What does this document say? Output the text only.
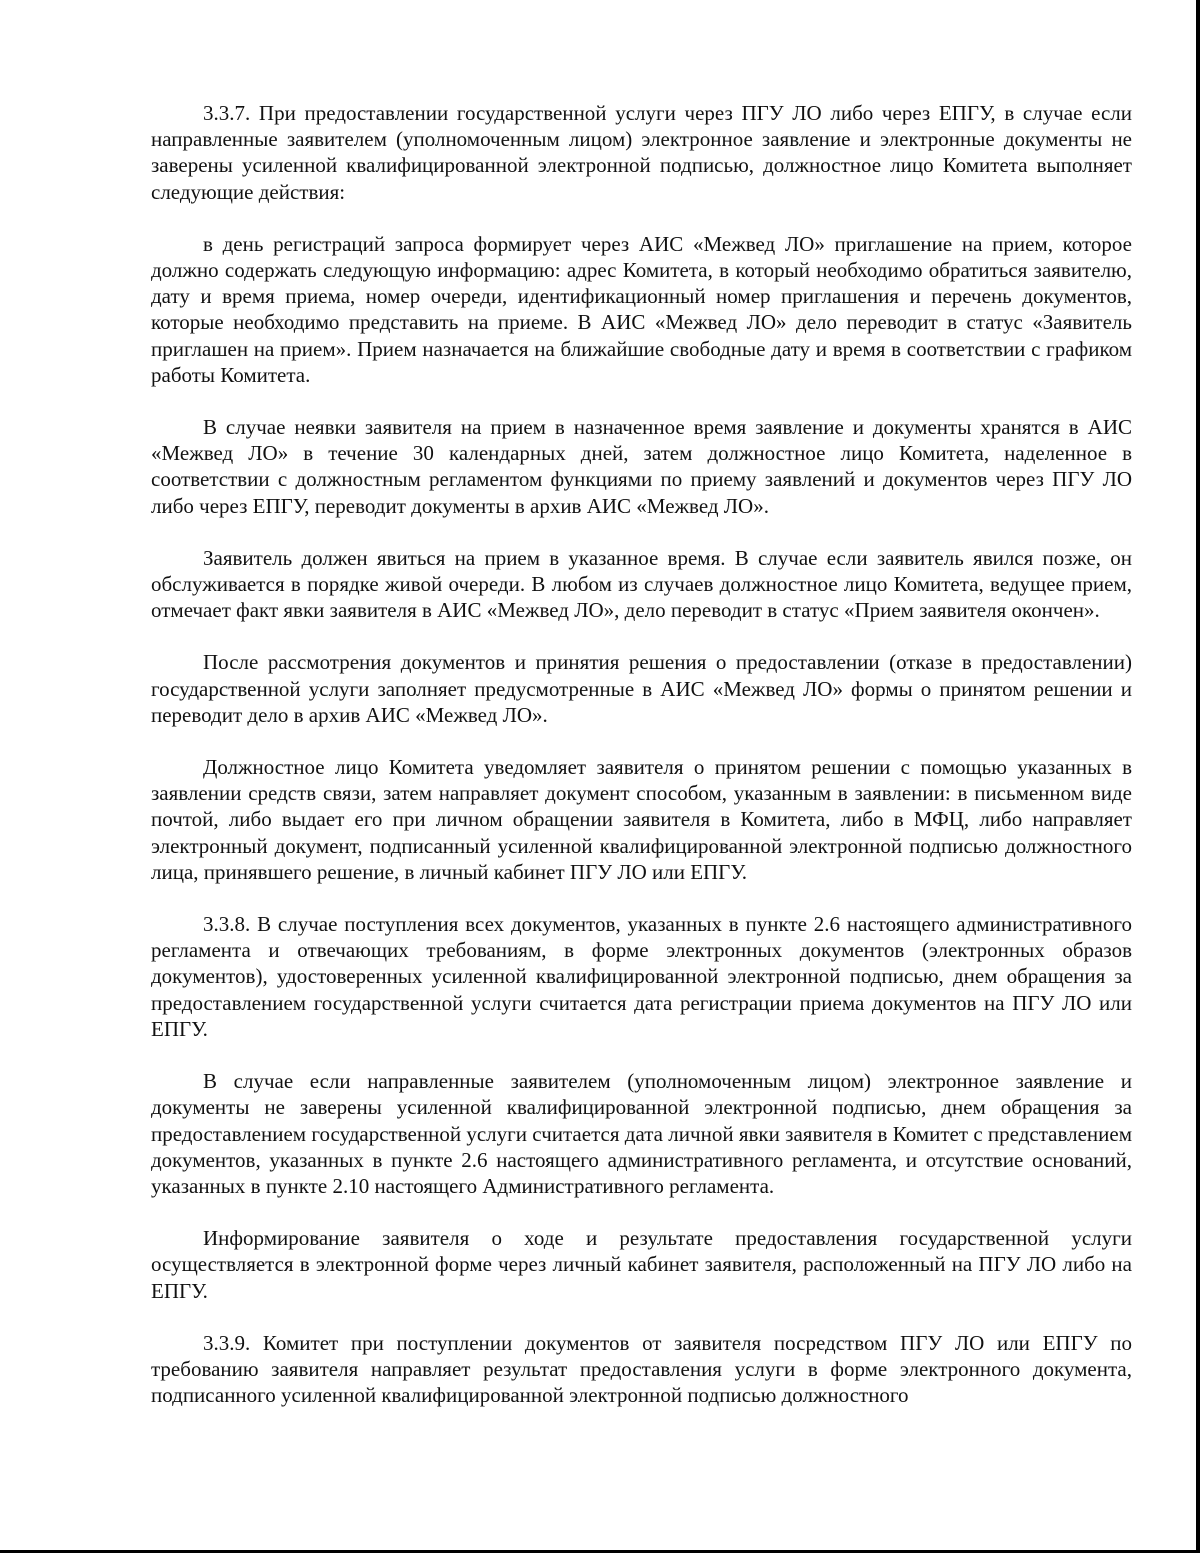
3.3.7. При предоставлении государственной услуги через ПГУ ЛО либо через ЕПГУ, в случае если направленные заявителем (уполномоченным лицом) электронное заявление и электронные документы не заверены усиленной квалифицированной электронной подписью, должностное лицо Комитета выполняет следующие действия:

в день регистраций запроса формирует через АИС «Межвед ЛО» приглашение на прием, которое должно содержать следующую информацию: адрес Комитета, в который необходимо обратиться заявителю, дату и время приема, номер очереди, идентификационный номер приглашения и перечень документов, которые необходимо представить на приеме. В АИС «Межвед ЛО» дело переводит в статус «Заявитель приглашен на прием». Прием назначается на ближайшие свободные дату и время в соответствии с графиком работы Комитета.

В случае неявки заявителя на прием в назначенное время заявление и документы хранятся в АИС «Межвед ЛО» в течение 30 календарных дней, затем должностное лицо Комитета, наделенное в соответствии с должностным регламентом функциями по приему заявлений и документов через ПГУ ЛО либо через ЕПГУ, переводит документы в архив АИС «Межвед ЛО».

Заявитель должен явиться на прием в указанное время. В случае если заявитель явился позже, он обслуживается в порядке живой очереди. В любом из случаев должностное лицо Комитета, ведущее прием, отмечает факт явки заявителя в АИС «Межвед ЛО», дело переводит в статус «Прием заявителя окончен».

После рассмотрения документов и принятия решения о предоставлении (отказе в предоставлении) государственной услуги заполняет предусмотренные в АИС «Межвед ЛО» формы о принятом решении и переводит дело в архив АИС «Межвед ЛО».

Должностное лицо Комитета уведомляет заявителя о принятом решении с помощью указанных в заявлении средств связи, затем направляет документ способом, указанным в заявлении: в письменном виде почтой, либо выдает его при личном обращении заявителя в Комитета, либо в МФЦ, либо направляет электронный документ, подписанный усиленной квалифицированной электронной подписью должностного лица, принявшего решение, в личный кабинет ПГУ ЛО или ЕПГУ.

3.3.8. В случае поступления всех документов, указанных в пункте 2.6 настоящего административного регламента и отвечающих требованиям, в форме электронных документов (электронных образов документов), удостоверенных усиленной квалифицированной электронной подписью, днем обращения за предоставлением государственной услуги считается дата регистрации приема документов на ПГУ ЛО или ЕПГУ.

В случае если направленные заявителем (уполномоченным лицом) электронное заявление и документы не заверены усиленной квалифицированной электронной подписью, днем обращения за предоставлением государственной услуги считается дата личной явки заявителя в Комитет с представлением документов, указанных в пункте 2.6 настоящего административного регламента, и отсутствие оснований, указанных в пункте 2.10 настоящего Административного регламента.

Информирование заявителя о ходе и результате предоставления государственной услуги осуществляется в электронной форме через личный кабинет заявителя, расположенный на ПГУ ЛО либо на ЕПГУ.

3.3.9. Комитет при поступлении документов от заявителя посредством ПГУ ЛО или ЕПГУ по требованию заявителя направляет результат предоставления услуги в форме электронного документа, подписанного усиленной квалифицированной электронной подписью должностного
